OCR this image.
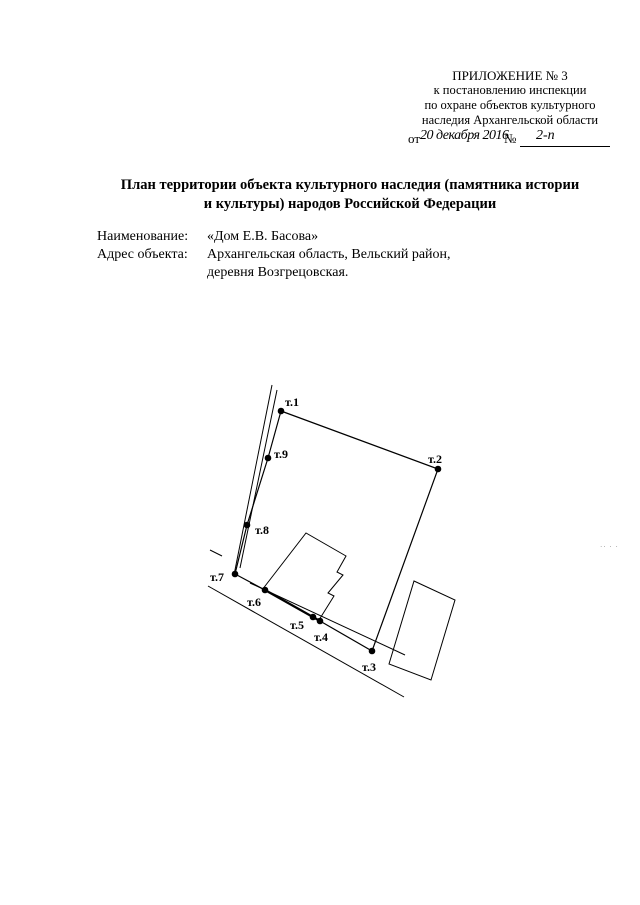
ПРИЛОЖЕНИЕ № 3
к постановлению инспекции
по охране объектов культурного
наследия Архангельской области
от 20 декабря 2016
№ 2-п
План территории объекта культурного наследия (памятника истории
и культуры) народов Российской Федерации
Наименование: «Дом Е.В. Басова»
Адрес объекта: Архангельская область, Вельский район,
деревня Возгрецовская.
т.1
т.2
т.3
т.4
т.5
т.6
т.7
т.8
т.9
·· · ·
